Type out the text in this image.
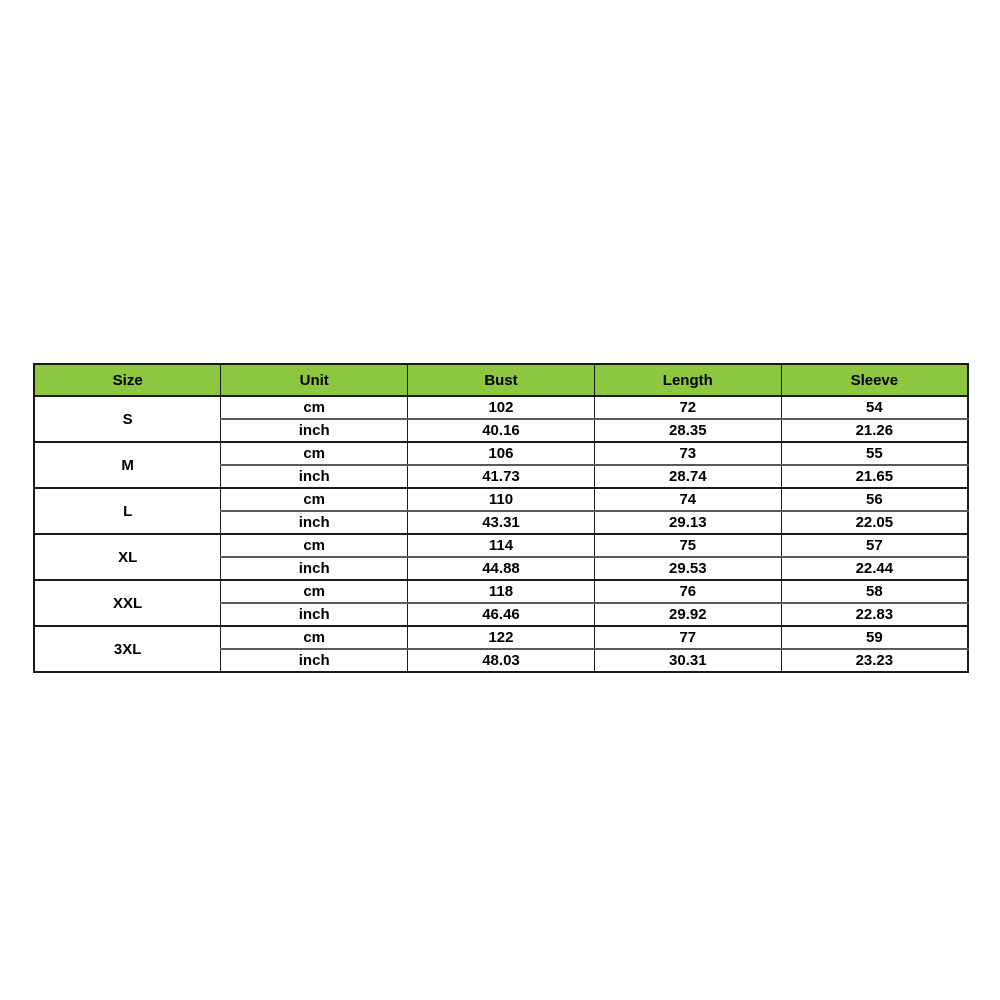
Size	Unit	Bust	Length	Sleeve
S	cm	102	72	54
	inch	40.16	28.35	21.26
M	cm	106	73	55
	inch	41.73	28.74	21.65
L	cm	110	74	56
	inch	43.31	29.13	22.05
XL	cm	114	75	57
	inch	44.88	29.53	22.44
XXL	cm	118	76	58
	inch	46.46	29.92	22.83
3XL	cm	122	77	59
	inch	48.03	30.31	23.23
